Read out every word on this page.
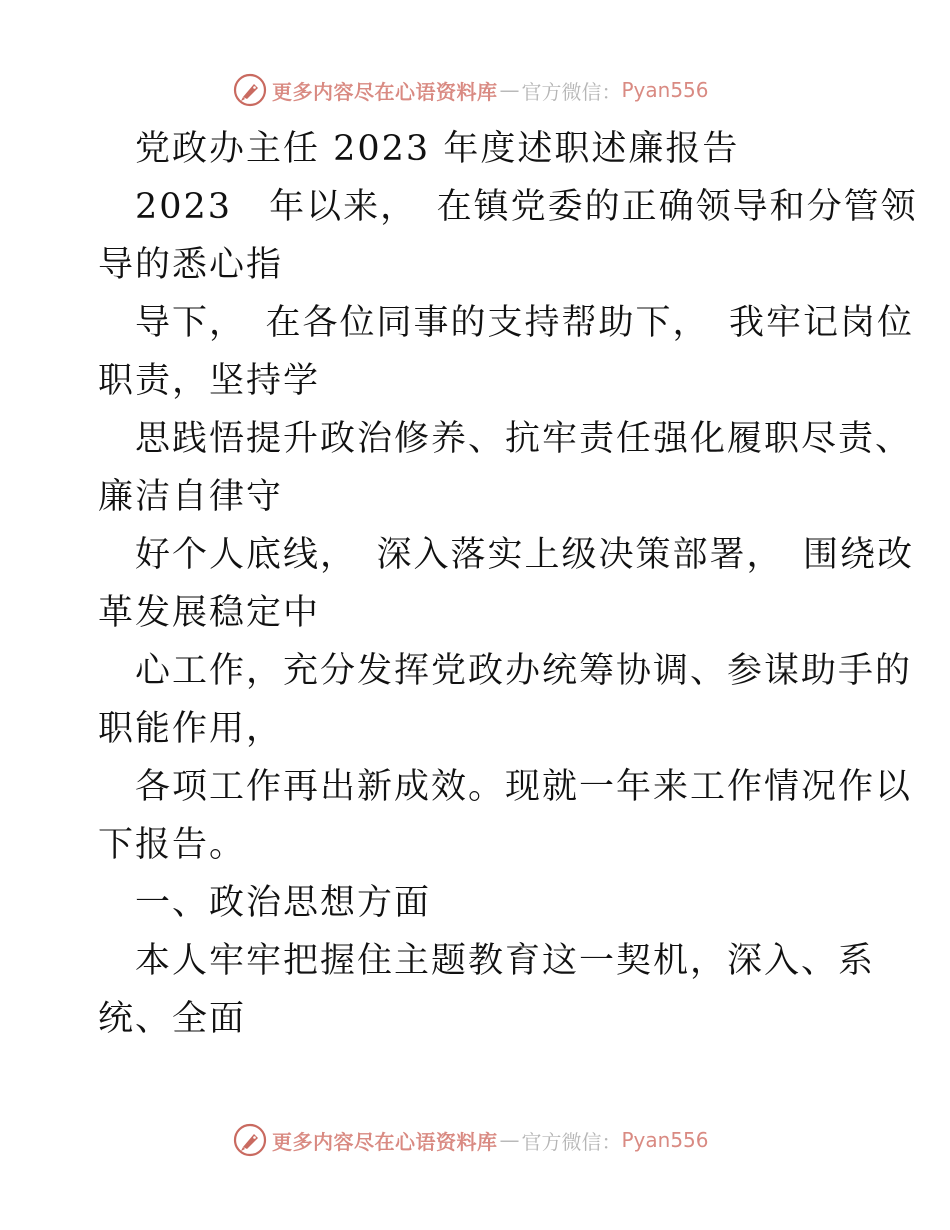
更多内容尽在心语资料库 — 官方微信： Pyan556
党政办主任 2023 年度述职述廉报告
2023　年以来，　在镇党委的正确领导和分管领
导的悉心指
导下，　在各位同事的支持帮助下，　我牢记岗位
职责，坚持学
思践悟提升政治修养、抗牢责任强化履职尽责、
廉洁自律守
好个人底线，　深入落实上级决策部署，　围绕改
革发展稳定中
心工作，充分发挥党政办统筹协调、参谋助手的
职能作用，
各项工作再出新成效。现就一年来工作情况作以
下报告。
一、政治思想方面
本人牢牢把握住主题教育这一契机，深入、系
统、全面
更多内容尽在心语资料库 — 官方微信： Pyan556
